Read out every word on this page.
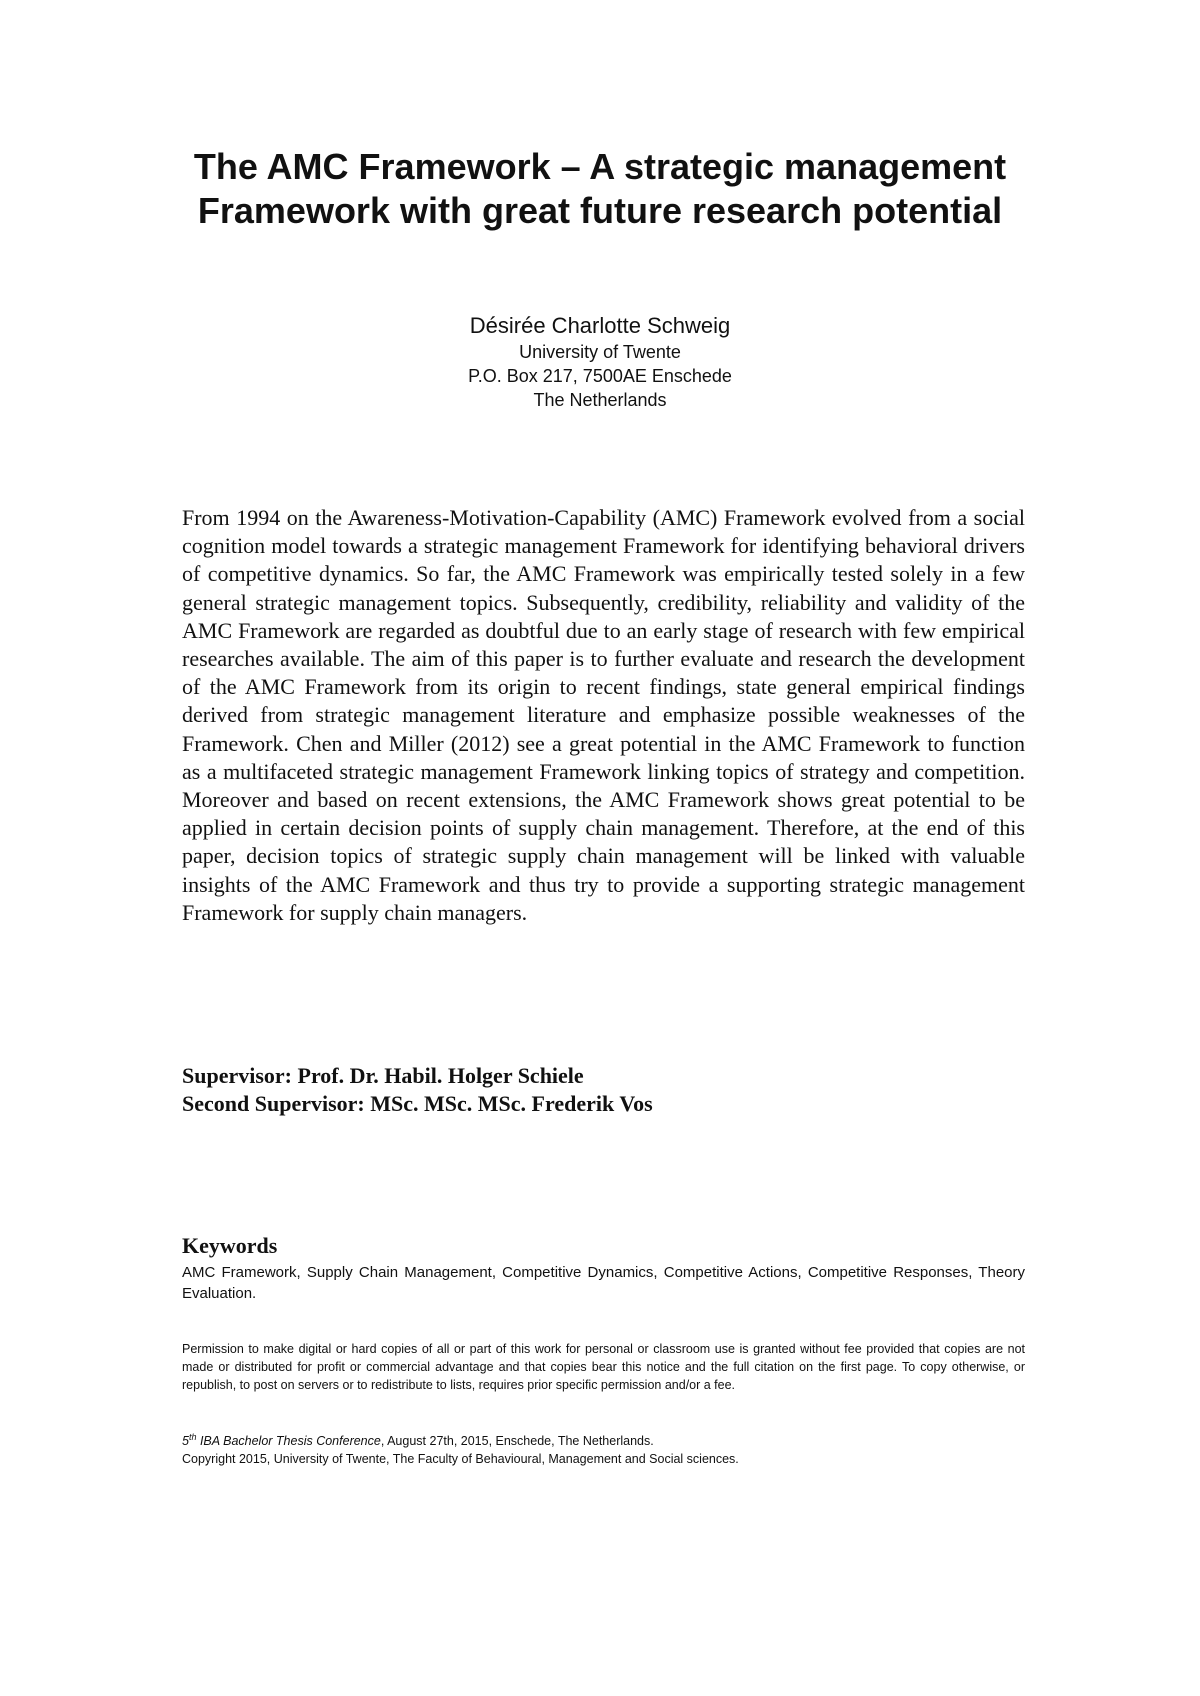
The AMC Framework – A strategic management
Framework with great future research potential
Désirée Charlotte Schweig
University of Twente
P.O. Box 217, 7500AE Enschede
The Netherlands

From 1994 on the Awareness-Motivation-Capability (AMC) Framework evolved from a social cognition model towards a strategic management Framework for identifying behavioral drivers of competitive dynamics. So far, the AMC Framework was empirically tested solely in a few general strategic management topics. Subsequently, credibility, reliability and validity of the AMC Framework are regarded as doubtful due to an early stage of research with few empirical researches available. The aim of this paper is to further evaluate and research the development of the AMC Framework from its origin to recent findings, state general empirical findings derived from strategic management literature and emphasize possible weaknesses of the Framework. Chen and Miller (2012) see a great potential in the AMC Framework to function as a multifaceted strategic management Framework linking topics of strategy and competition. Moreover and based on recent extensions, the AMC Framework shows great potential to be applied in certain decision points of supply chain management. Therefore, at the end of this paper, decision topics of strategic supply chain management will be linked with valuable insights of the AMC Framework and thus try to provide a supporting strategic management Framework for supply chain managers.

Supervisor: Prof. Dr. Habil. Holger Schiele
Second Supervisor: MSc. MSc. MSc. Frederik Vos
Keywords

AMC Framework, Supply Chain Management, Competitive Dynamics, Competitive Actions, Competitive Responses, Theory Evaluation.

Permission to make digital or hard copies of all or part of this work for personal or classroom use is granted without fee provided that copies are not made or distributed for profit or commercial advantage and that copies bear this notice and the full citation on the first page. To copy otherwise, or republish, to post on servers or to redistribute to lists, requires prior specific permission and/or a fee.

5th IBA Bachelor Thesis Conference, August 27th, 2015, Enschede, The Netherlands.
Copyright 2015, University of Twente, The Faculty of Behavioural, Management and Social sciences.
